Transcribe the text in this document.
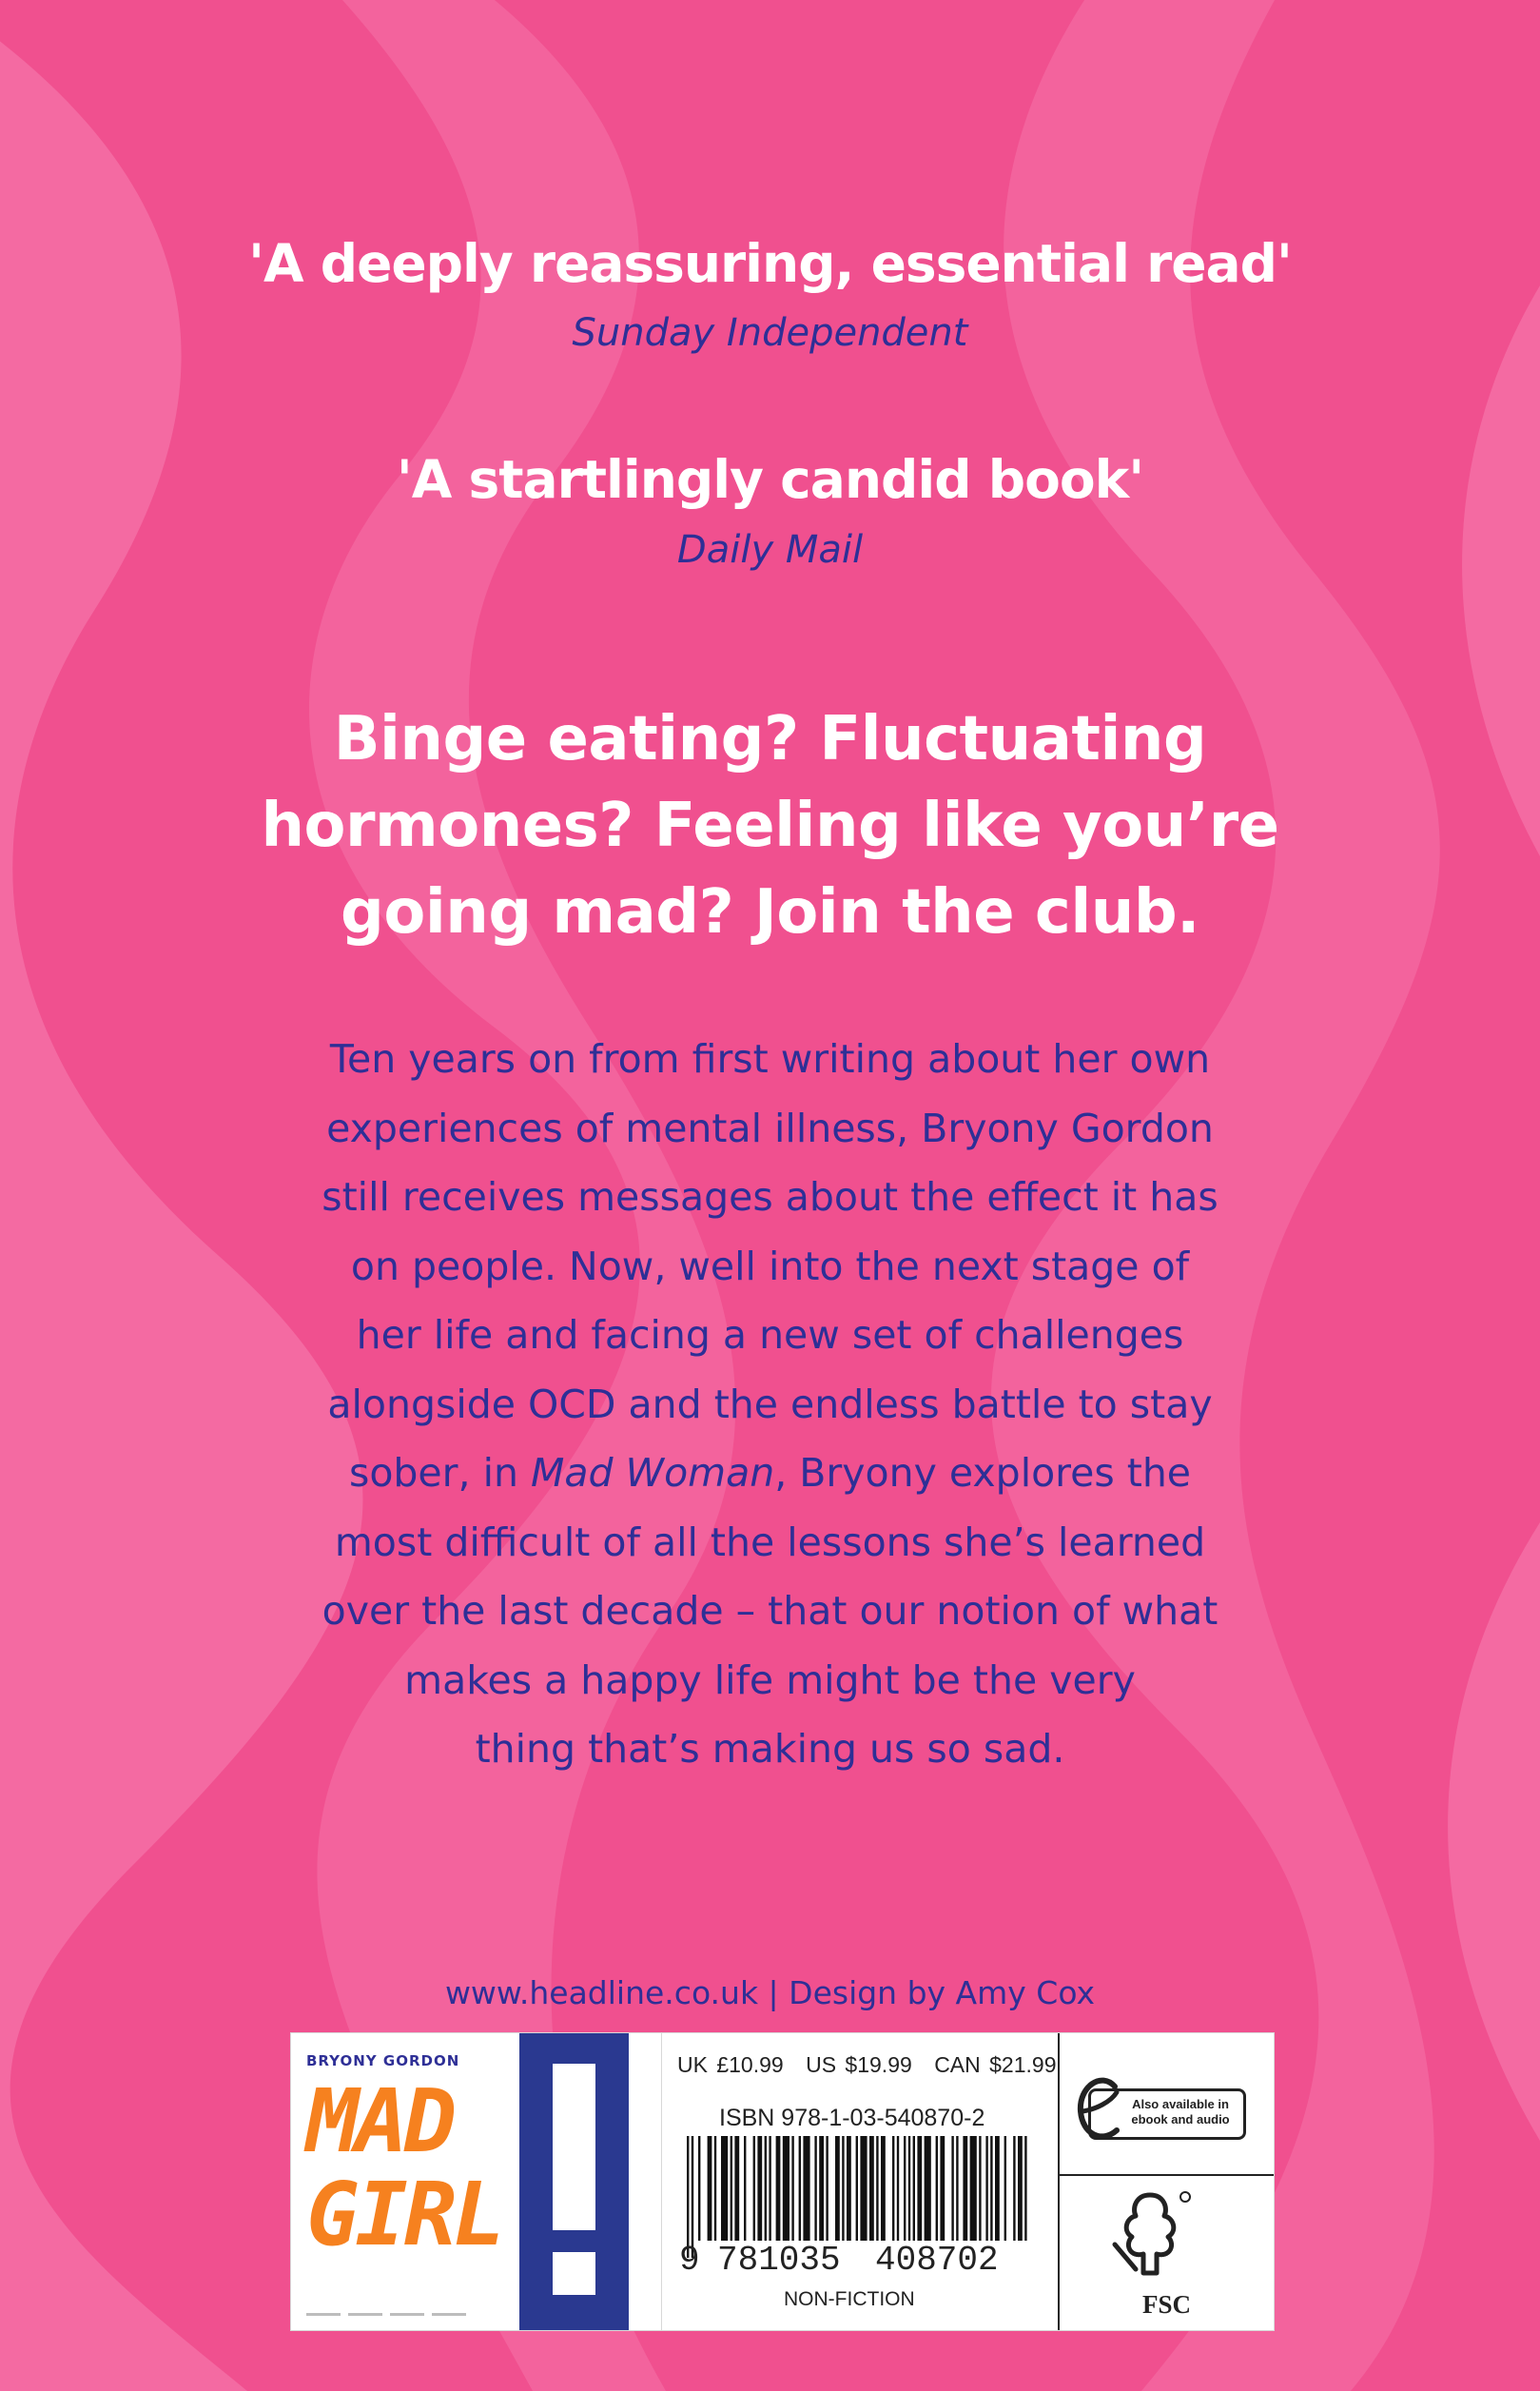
'A deeply reassuring, essential read'
Sunday Independent
'A startlingly candid book'
Daily Mail
Binge eating? Fluctuating
hormones? Feeling like you’re
going mad? Join the club.
Ten years on from first writing about her own
experiences of mental illness, Bryony Gordon
still receives messages about the effect it has
on people. Now, well into the next stage of
her life and facing a new set of challenges
alongside OCD and the endless battle to stay
sober, in Mad Woman, Bryony explores the
most difficult of all the lessons she’s learned
over the last decade – that our notion of what
makes a happy life might be the very
thing that’s making us so sad.
www.headline.co.uk | Design by Amy Cox
BRYONY GORDON
MAD
GIRL
UK £10.99 US $19.99 CAN $21.99
ISBN 978-1-03-540870-2
9 781035 408702
NON-FICTION
Also available in ebook and audio
FSC
